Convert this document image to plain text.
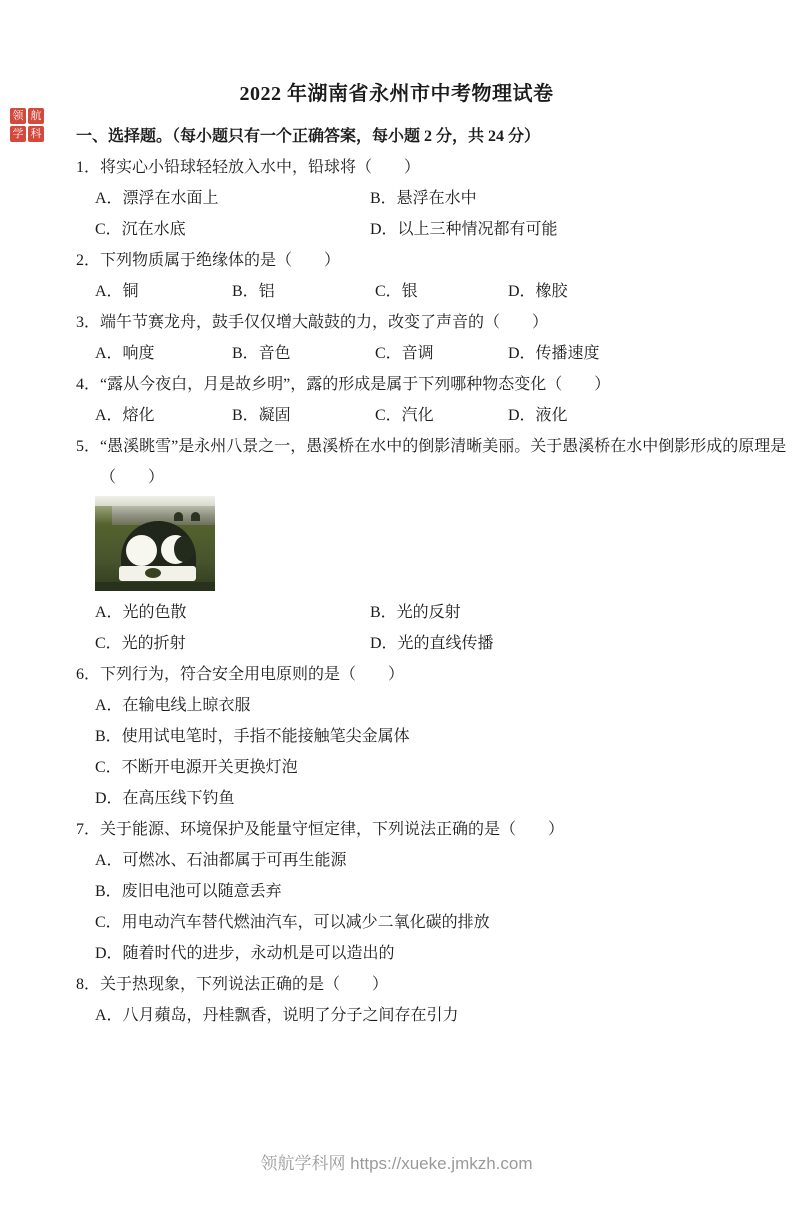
领 航
学 科
2022 年湖南省永州市中考物理试卷
一、选择题。（每小题只有一个正确答案，每小题 2 分，共 24 分）
1．将实心小铅球轻轻放入水中，铅球将（　　）
A．漂浮在水面上	B．悬浮在水中
C．沉在水底	D．以上三种情况都有可能
2．下列物质属于绝缘体的是（　　）
A．铜	B．铝	C．银	D．橡胶
3．端午节赛龙舟，鼓手仅仅增大敲鼓的力，改变了声音的（　　）
A．响度	B．音色	C．音调	D．传播速度
4．“露从今夜白，月是故乡明”，露的形成是属于下列哪种物态变化（　　）
A．熔化	B．凝固	C．汽化	D．液化
5．“愚溪眺雪”是永州八景之一，愚溪桥在水中的倒影清晰美丽。关于愚溪桥在水中倒影形成的原理是
（　　）
A．光的色散	B．光的反射
C．光的折射	D．光的直线传播
6．下列行为，符合安全用电原则的是（　　）
A．在输电线上晾衣服
B．使用试电笔时，手指不能接触笔尖金属体
C．不断开电源开关更换灯泡
D．在高压线下钓鱼
7．关于能源、环境保护及能量守恒定律，下列说法正确的是（　　）
A．可燃冰、石油都属于可再生能源
B．废旧电池可以随意丢弃
C．用电动汽车替代燃油汽车，可以减少二氧化碳的排放
D．随着时代的进步，永动机是可以造出的
8．关于热现象，下列说法正确的是（　　）
A．八月蘋岛，丹桂飘香，说明了分子之间存在引力
领航学科网 https://xueke.jmkzh.com
